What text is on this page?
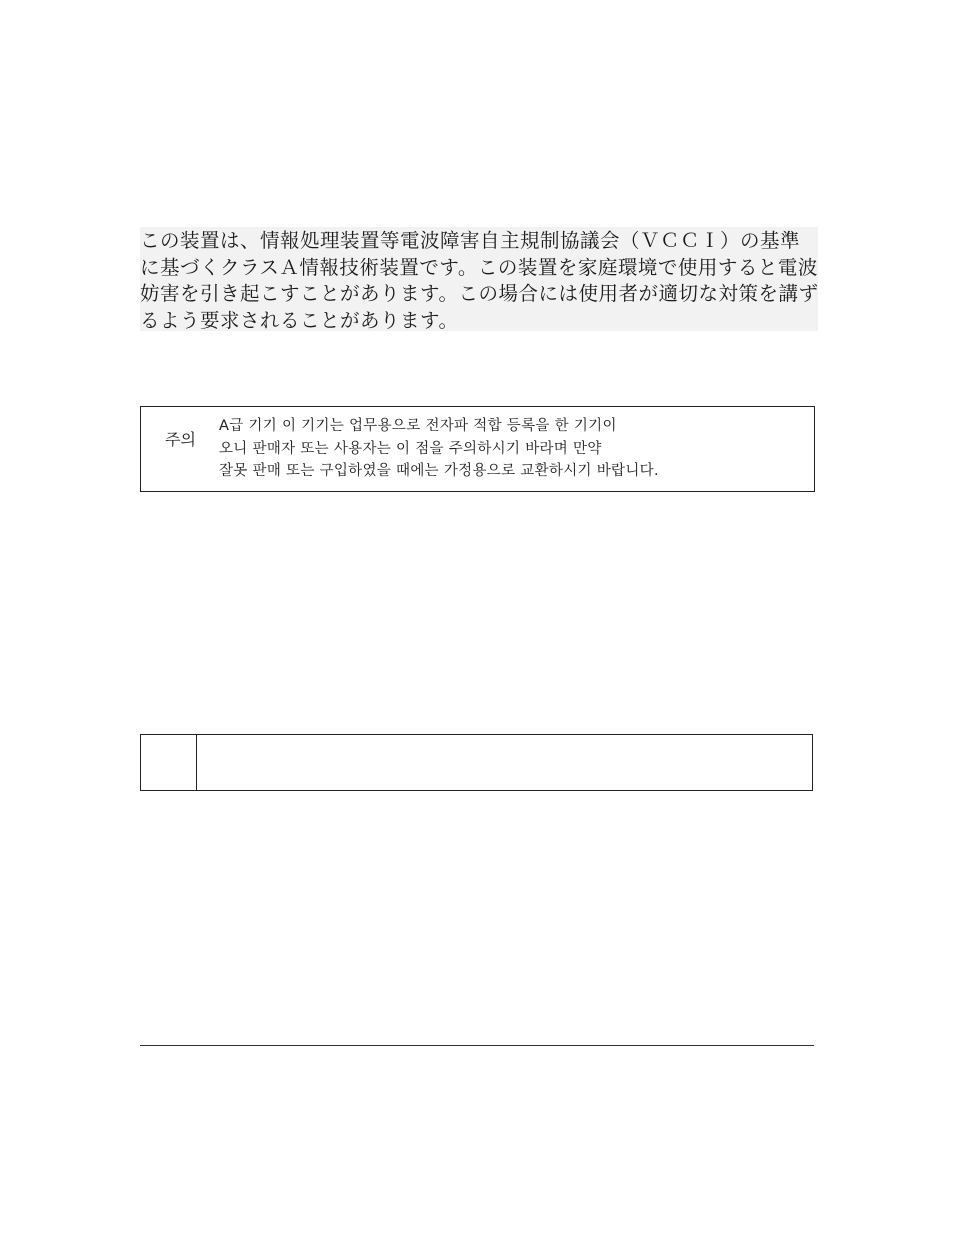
この装置は、情報処理装置等電波障害自主規制協議会（ＶＣＣＩ）の基準
に基づくクラスＡ情報技術装置です。この装置を家庭環境で使用すると電波
妨害を引き起こすことがあります。この場合には使用者が適切な対策を講ず
るよう要求されることがあります。
주의
A급 기기 이 기기는 업무용으로 전자파 적합 등록을 한 기기이
오니 판매자 또는 사용자는 이 점을 주의하시기 바라며 만약
잘못 판매 또는 구입하였을 때에는 가정용으로 교환하시기 바랍니다.
